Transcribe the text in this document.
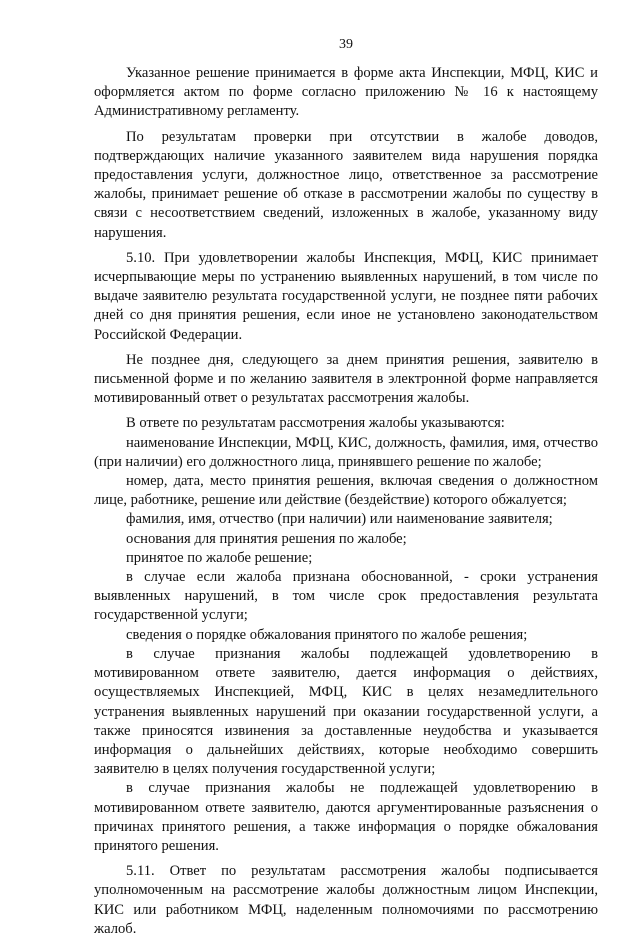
39

Указанное решение принимается в форме акта Инспекции, МФЦ, КИС и оформляется актом по форме согласно приложению № 16 к настоящему Административному регламенту.

По результатам проверки при отсутствии в жалобе доводов, подтверждающих наличие указанного заявителем вида нарушения порядка предоставления услуги, должностное лицо, ответственное за рассмотрение жалобы, принимает решение об отказе в рассмотрении жалобы по существу в связи с несоответствием сведений, изложенных в жалобе, указанному виду нарушения.

5.10. При удовлетворении жалобы Инспекция, МФЦ, КИС принимает исчерпывающие меры по устранению выявленных нарушений, в том числе по выдаче заявителю результата государственной услуги, не позднее пяти рабочих дней со дня принятия решения, если иное не установлено законодательством Российской Федерации.

Не позднее дня, следующего за днем принятия решения, заявителю в письменной форме и по желанию заявителя в электронной форме направляется мотивированный ответ о результатах рассмотрения жалобы.

В ответе по результатам рассмотрения жалобы указываются:

наименование Инспекции, МФЦ, КИС, должность, фамилия, имя, отчество (при наличии) его должностного лица, принявшего решение по жалобе;

номер, дата, место принятия решения, включая сведения о должностном лице, работнике, решение или действие (бездействие) которого обжалуется;

фамилия, имя, отчество (при наличии) или наименование заявителя;

основания для принятия решения по жалобе;

принятое по жалобе решение;

в случае если жалоба признана обоснованной, - сроки устранения выявленных нарушений, в том числе срок предоставления результата государственной услуги;

сведения о порядке обжалования принятого по жалобе решения;

в случае признания жалобы подлежащей удовлетворению в мотивированном ответе заявителю, дается информация о действиях, осуществляемых Инспекцией, МФЦ, КИС в целях незамедлительного устранения выявленных нарушений при оказании государственной услуги, а также приносятся извинения за доставленные неудобства и указывается информация о дальнейших действиях, которые необходимо совершить заявителю в целях получения государственной услуги;

в случае признания жалобы не подлежащей удовлетворению в мотивированном ответе заявителю, даются аргументированные разъяснения о причинах принятого решения, а также информация о порядке обжалования принятого решения.

5.11. Ответ по результатам рассмотрения жалобы подписывается уполномоченным на рассмотрение жалобы должностным лицом Инспекции, КИС или работником МФЦ, наделенным полномочиями по рассмотрению жалоб.
